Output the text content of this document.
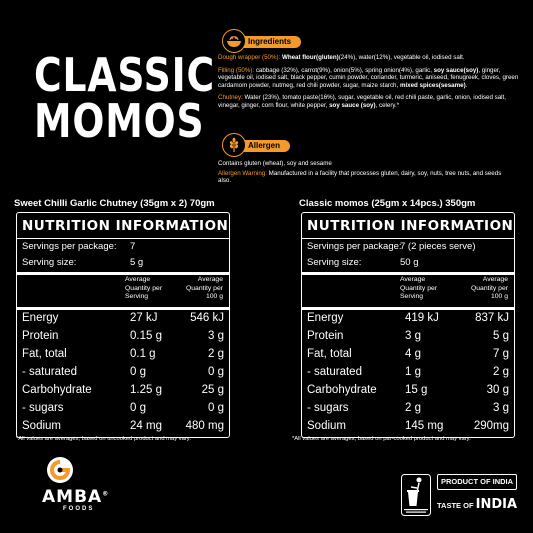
CLASSIC
MOMOS
Ingredients

Dough wrapper (50%): Wheat flour(gluten)(24%), water(12%), vegetable oil, iodised salt.

Filling (50%): cabbage (32%), carrot(9%), onion(5%), spring onion(4%), garlic, soy sauce(soy), ginger, vegetable oil, iodised salt, black pepper, cumin powder, coriander, turmeric, aniseed, fenugreek, cloves, green cardamom powder, nutmeg, red chili powder, sugar, maize starch, mixed spices(sesame).

Chutney: Water (23%), tomato paste(16%), sugar, vegetable oil, red chili paste, garlic, onion, iodised salt, vinegar, ginger, corn flour, white pepper, soy sauce (soy), celery.*

Allergen

Contains gluten (wheat), soy and sesame

Allergen Warning: Manufactured in a facility that processes gluten, dairy, soy, nuts, tree nuts, and seeds also.

Sweet Chilli Garlic Chutney (35gm x 2) 70gm	Classic momos (25gm x 14pcs.) 350gm
NUTRITION INFORMATION
Servings per package: 7
Serving size:	5 g
Average
Quantity per
Serving
Average
Quantity per
100 g
Energy	27 kJ	546 kJ
Protein	0.15 g	3 g
Fat, total	0.1 g	2 g
- saturated	0 g	0 g
Carbohydrate	1.25 g	25 g
- sugars	0 g	0 g
Sodium	24 mg 480 mg
NUTRITION INFORMATION
Servings per package:
7 (2 pieces serve)
Serving size:	50 g
Average
Quantity per
Serving
Average
Quantity per
100 g
Energy	419 kJ	837 kJ
Protein	3 g	5 g
Fat, total	4 g	7 g
- saturated	1 g	2 g
Carbohydrate 15 g	30 g
- sugars	2 g	3 g
Sodium	145 mg	290mg
*All values are averages, based on uncooked product and may vary.	*All values are averages, based on par-cooked product and may vary.
AMBA®
FOODS
PRODUCT OF INDIA
TASTE OF INDIA
